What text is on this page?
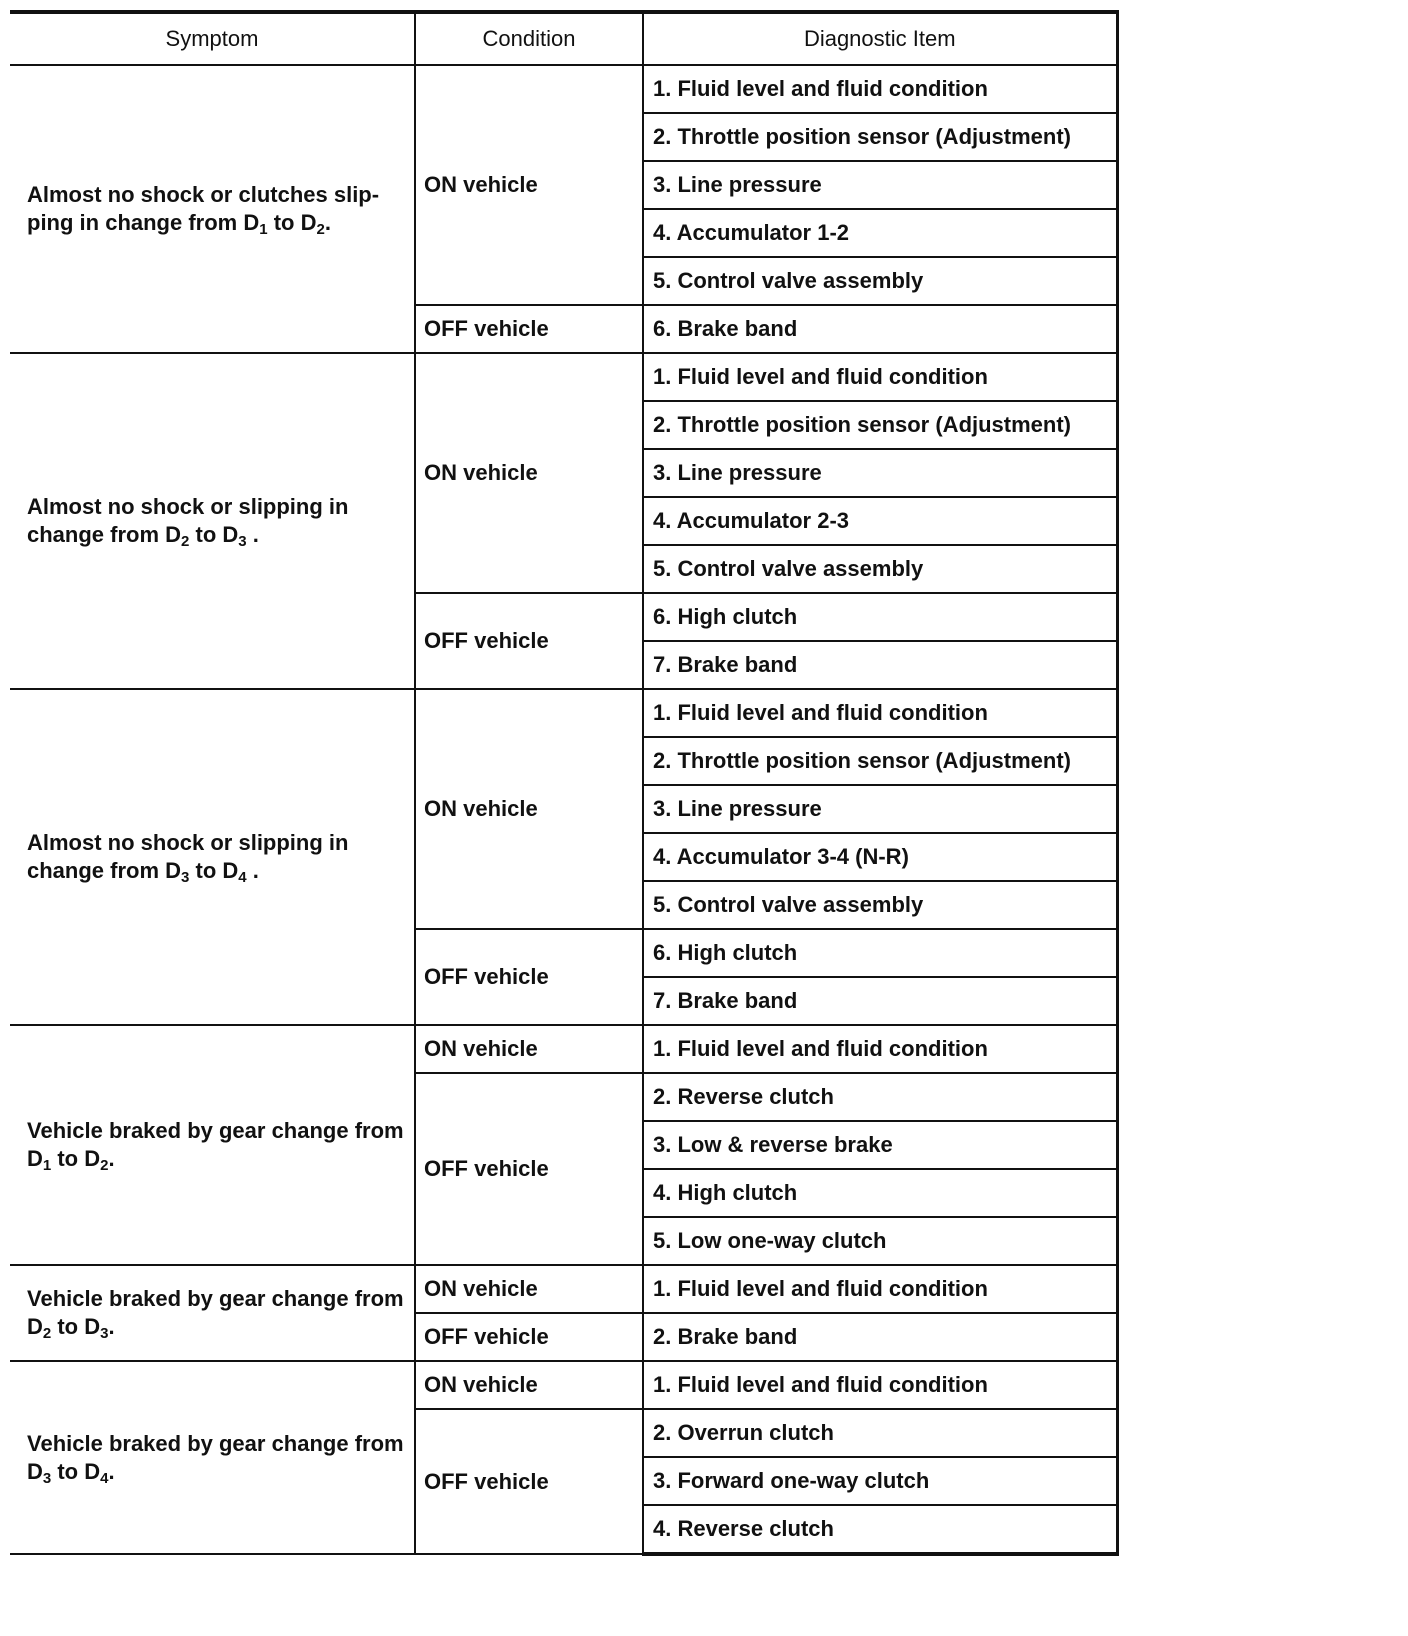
Symptom	Condition	Diagnostic Item
Almost no shock or clutches slip-
ping in change from $D_1$ to $D_2$.	ON vehicle	1. Fluid level and fluid condition
		2. Throttle position sensor (Adjustment)
		3. Line pressure
		4. Accumulator 1-2
		5. Control valve assembly
	OFF vehicle	6. Brake band
Almost no shock or slipping in
change from $D_2$ to $D_3$ .	ON vehicle	1. Fluid level and fluid condition
		2. Throttle position sensor (Adjustment)
		3. Line pressure
		4. Accumulator 2-3
		5. Control valve assembly
	OFF vehicle	6. High clutch
		7. Brake band
Almost no shock or slipping in
change from $D_3$ to $D_4$ .	ON vehicle	1. Fluid level and fluid condition
		2. Throttle position sensor (Adjustment)
		3. Line pressure
		4. Accumulator 3-4 (N-R)
		5. Control valve assembly
	OFF vehicle	6. High clutch
		7. Brake band
Vehicle braked by gear change from
$D_1$ to $D_2$.	ON vehicle	1. Fluid level and fluid condition
	OFF vehicle	2. Reverse clutch
		3. Low & reverse brake
		4. High clutch
		5. Low one-way clutch
Vehicle braked by gear change from
$D_2$ to $D_3$.	ON vehicle	1. Fluid level and fluid condition
	OFF vehicle	2. Brake band
Vehicle braked by gear change from
$D_3$ to $D_4$.	ON vehicle	1. Fluid level and fluid condition
	OFF vehicle	2. Overrun clutch
		3. Forward one-way clutch
		4. Reverse clutch
